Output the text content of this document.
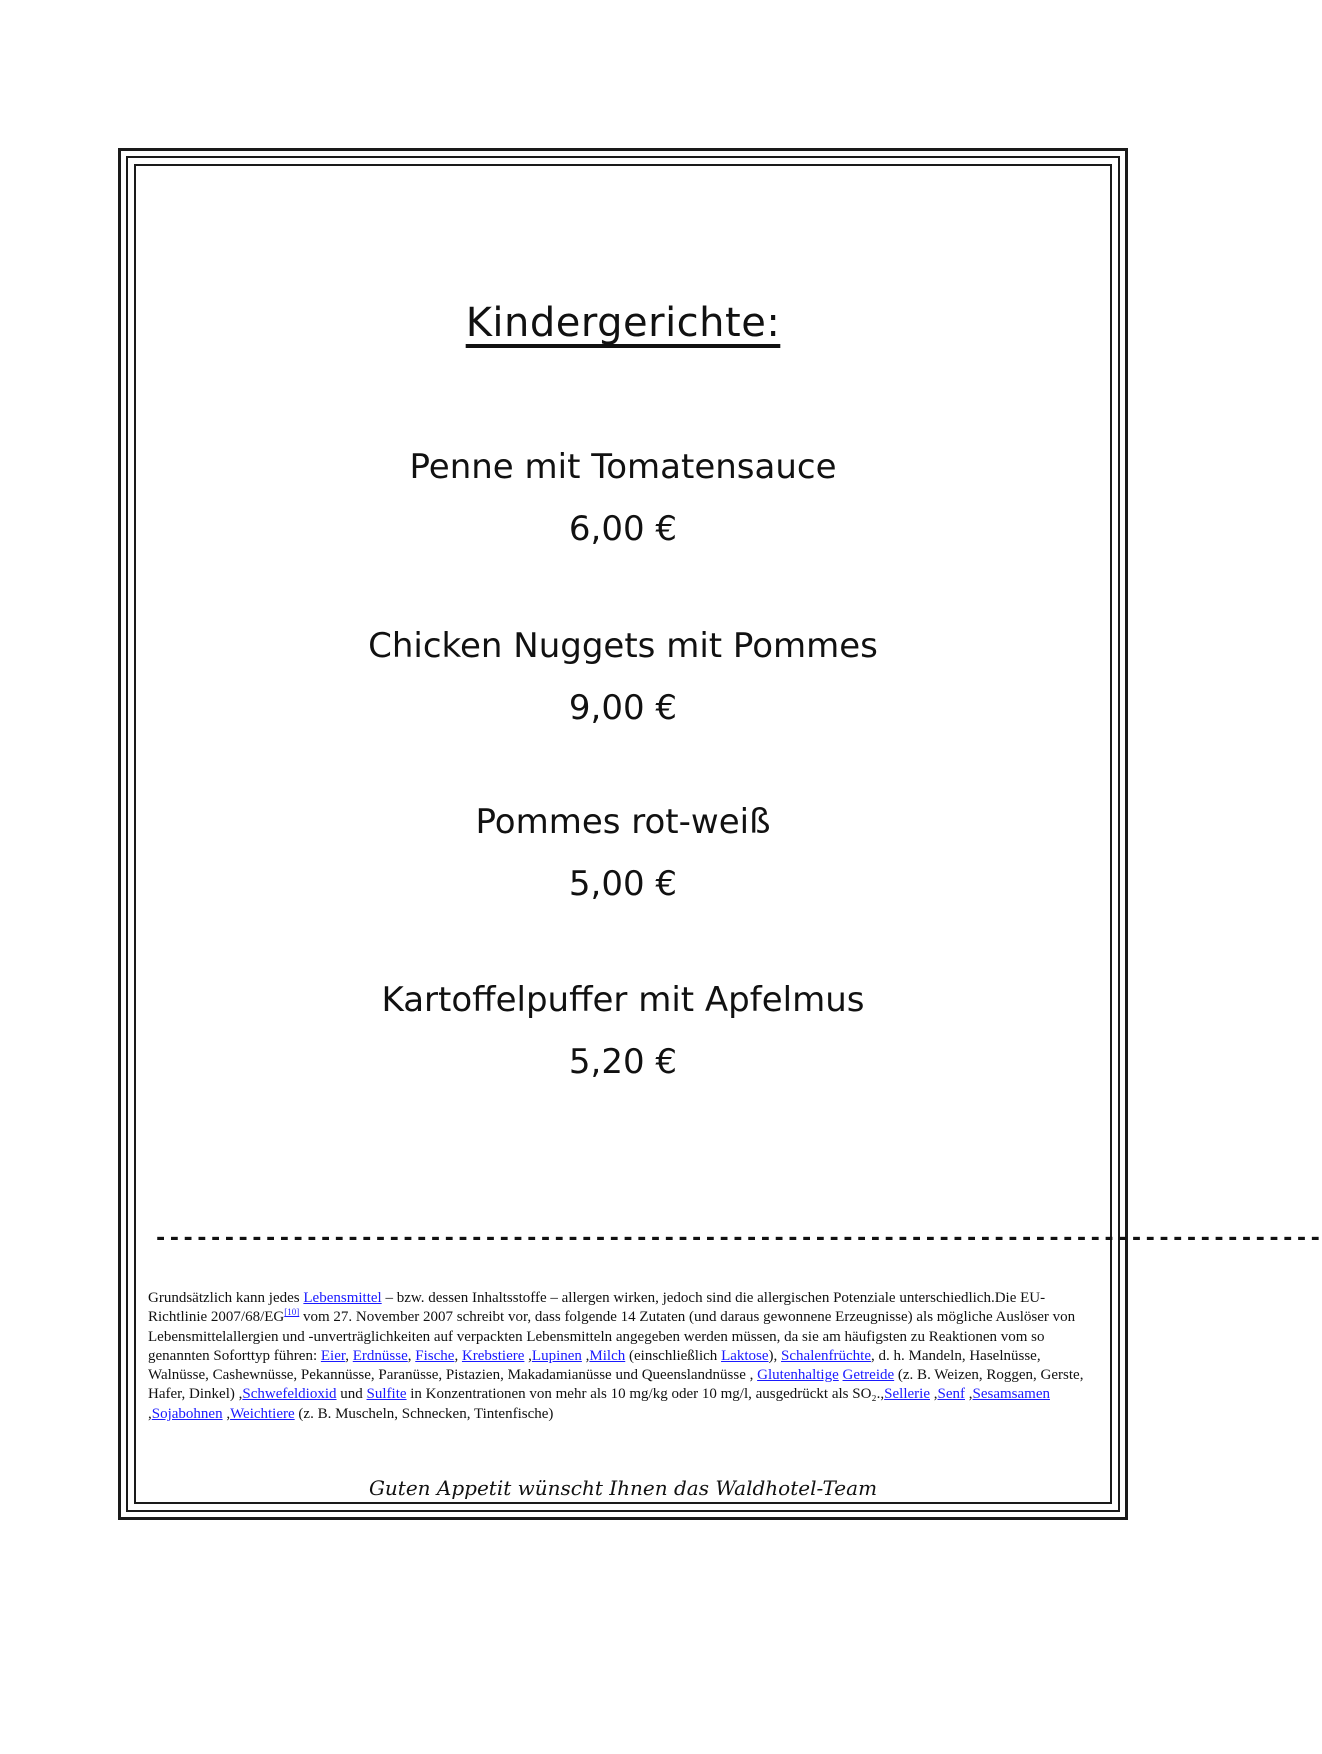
Kindergerichte:
Penne mit Tomatensauce
6,00 €
Chicken Nuggets mit Pommes
9,00 €
Pommes rot-weiß
5,00 €
Kartoffelpuffer mit Apfelmus
5,20 €
-------------------------------------------------------------------------------------
Grundsätzlich kann jedes Lebensmittel – bzw. dessen Inhaltsstoffe – allergen wirken, jedoch sind die allergischen Potenziale unterschiedlich.Die EU-Richtlinie 2007/68/EG[10] vom 27. November 2007 schreibt vor, dass folgende 14 Zutaten (und daraus gewonnene Erzeugnisse) als mögliche Auslöser von Lebensmittelallergien und -unverträglichkeiten auf verpackten Lebensmitteln angegeben werden müssen, da sie am häufigsten zu Reaktionen vom so genannten Soforttyp führen: Eier, Erdnüsse, Fische, Krebstiere ,Lupinen ,Milch (einschließlich Laktose), Schalenfrüchte, d. h. Mandeln, Haselnüsse, Walnüsse, Cashewnüsse, Pekannüsse, Paranüsse, Pistazien, Makadamianüsse und Queenslandnüsse , Glutenhaltige Getreide (z. B. Weizen, Roggen, Gerste, Hafer, Dinkel) ,Schwefeldioxid und Sulfite in Konzentrationen von mehr als 10 mg/kg oder 10 mg/l, ausgedrückt als SO₂.,Sellerie ,Senf ,Sesamsamen ,Sojabohnen ,Weichtiere (z. B. Muscheln, Schnecken, Tintenfische)
Guten Appetit wünscht Ihnen das Waldhotel-Team
